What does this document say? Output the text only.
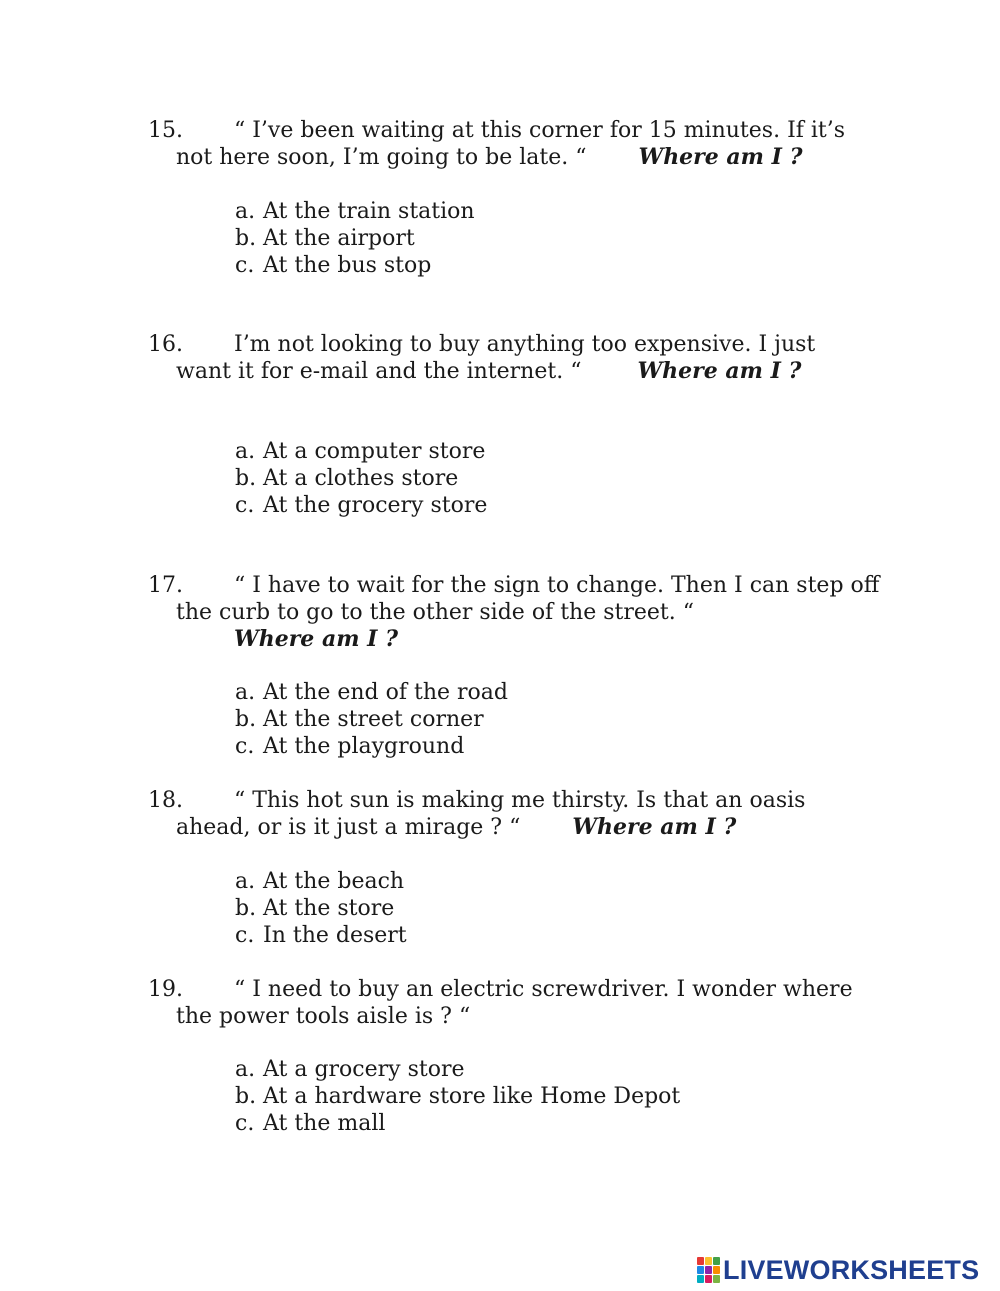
15. “ I’ve been waiting at this corner for 15 minutes. If it’s
not here soon, I’m going to be late. “ Where am I ?
a. At the train station
b. At the airport
c. At the bus stop
16. I’m not looking to buy anything too expensive. I just
want it for e-mail and the internet. “	Where am I ?
a. At a computer store
b. At a clothes store
c. At the grocery store
17. “ I have to wait for the sign to change. Then I can step off
the curb to go to the other side of the street. “
Where am I ?
a. At the end of the road
b. At the street corner
c. At the playground
18. “ This hot sun is making me thirsty. Is that an oasis
ahead, or is it just a mirage ? “ Where am I ?
a. At the beach
b. At the store
c. In the desert
19. “ I need to buy an electric screwdriver. I wonder where
the power tools aisle is ? “
a. At a grocery store
b. At a hardware store like Home Depot
c. At the mall
LIVEWORKSHEETS
